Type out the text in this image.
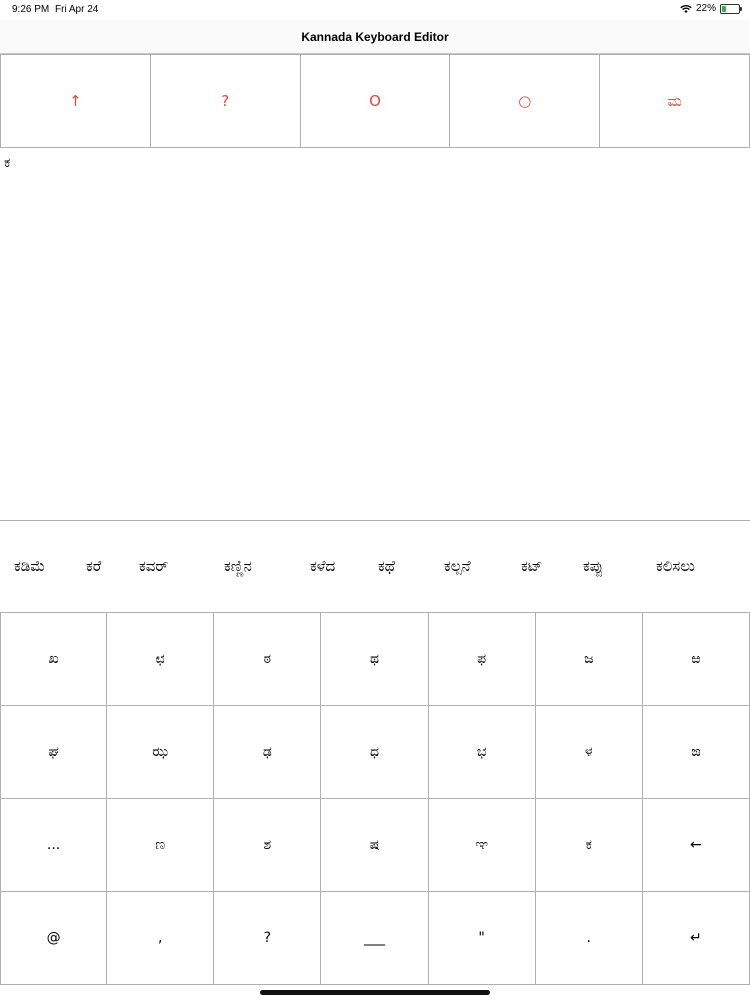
9:26 PM Fri Apr 24	22%
Kannada Keyboard Editor
↑	?	O	○	ಮ
ಕ
ಕಡಿಮೆ	ಕರೆ	ಕವರ್	ಕಣ್ಣಿನ	ಕಳೆದ	ಕಥೆ	ಕಲ್ಪನೆ	ಕಟ್	ಕಪ್ಪು	ಕಲಿಸಲು
ಖ	ಛ	ಠ	ಥ	ಫ	ಜ	ಱ
ಘ	ಝ	ಢ	ಧ	ಭ	ಳ	ಙ
...	ಣ	ಶ	ಷ	ಞ	ಕ	←
@	,	?	___	"	.	↵
